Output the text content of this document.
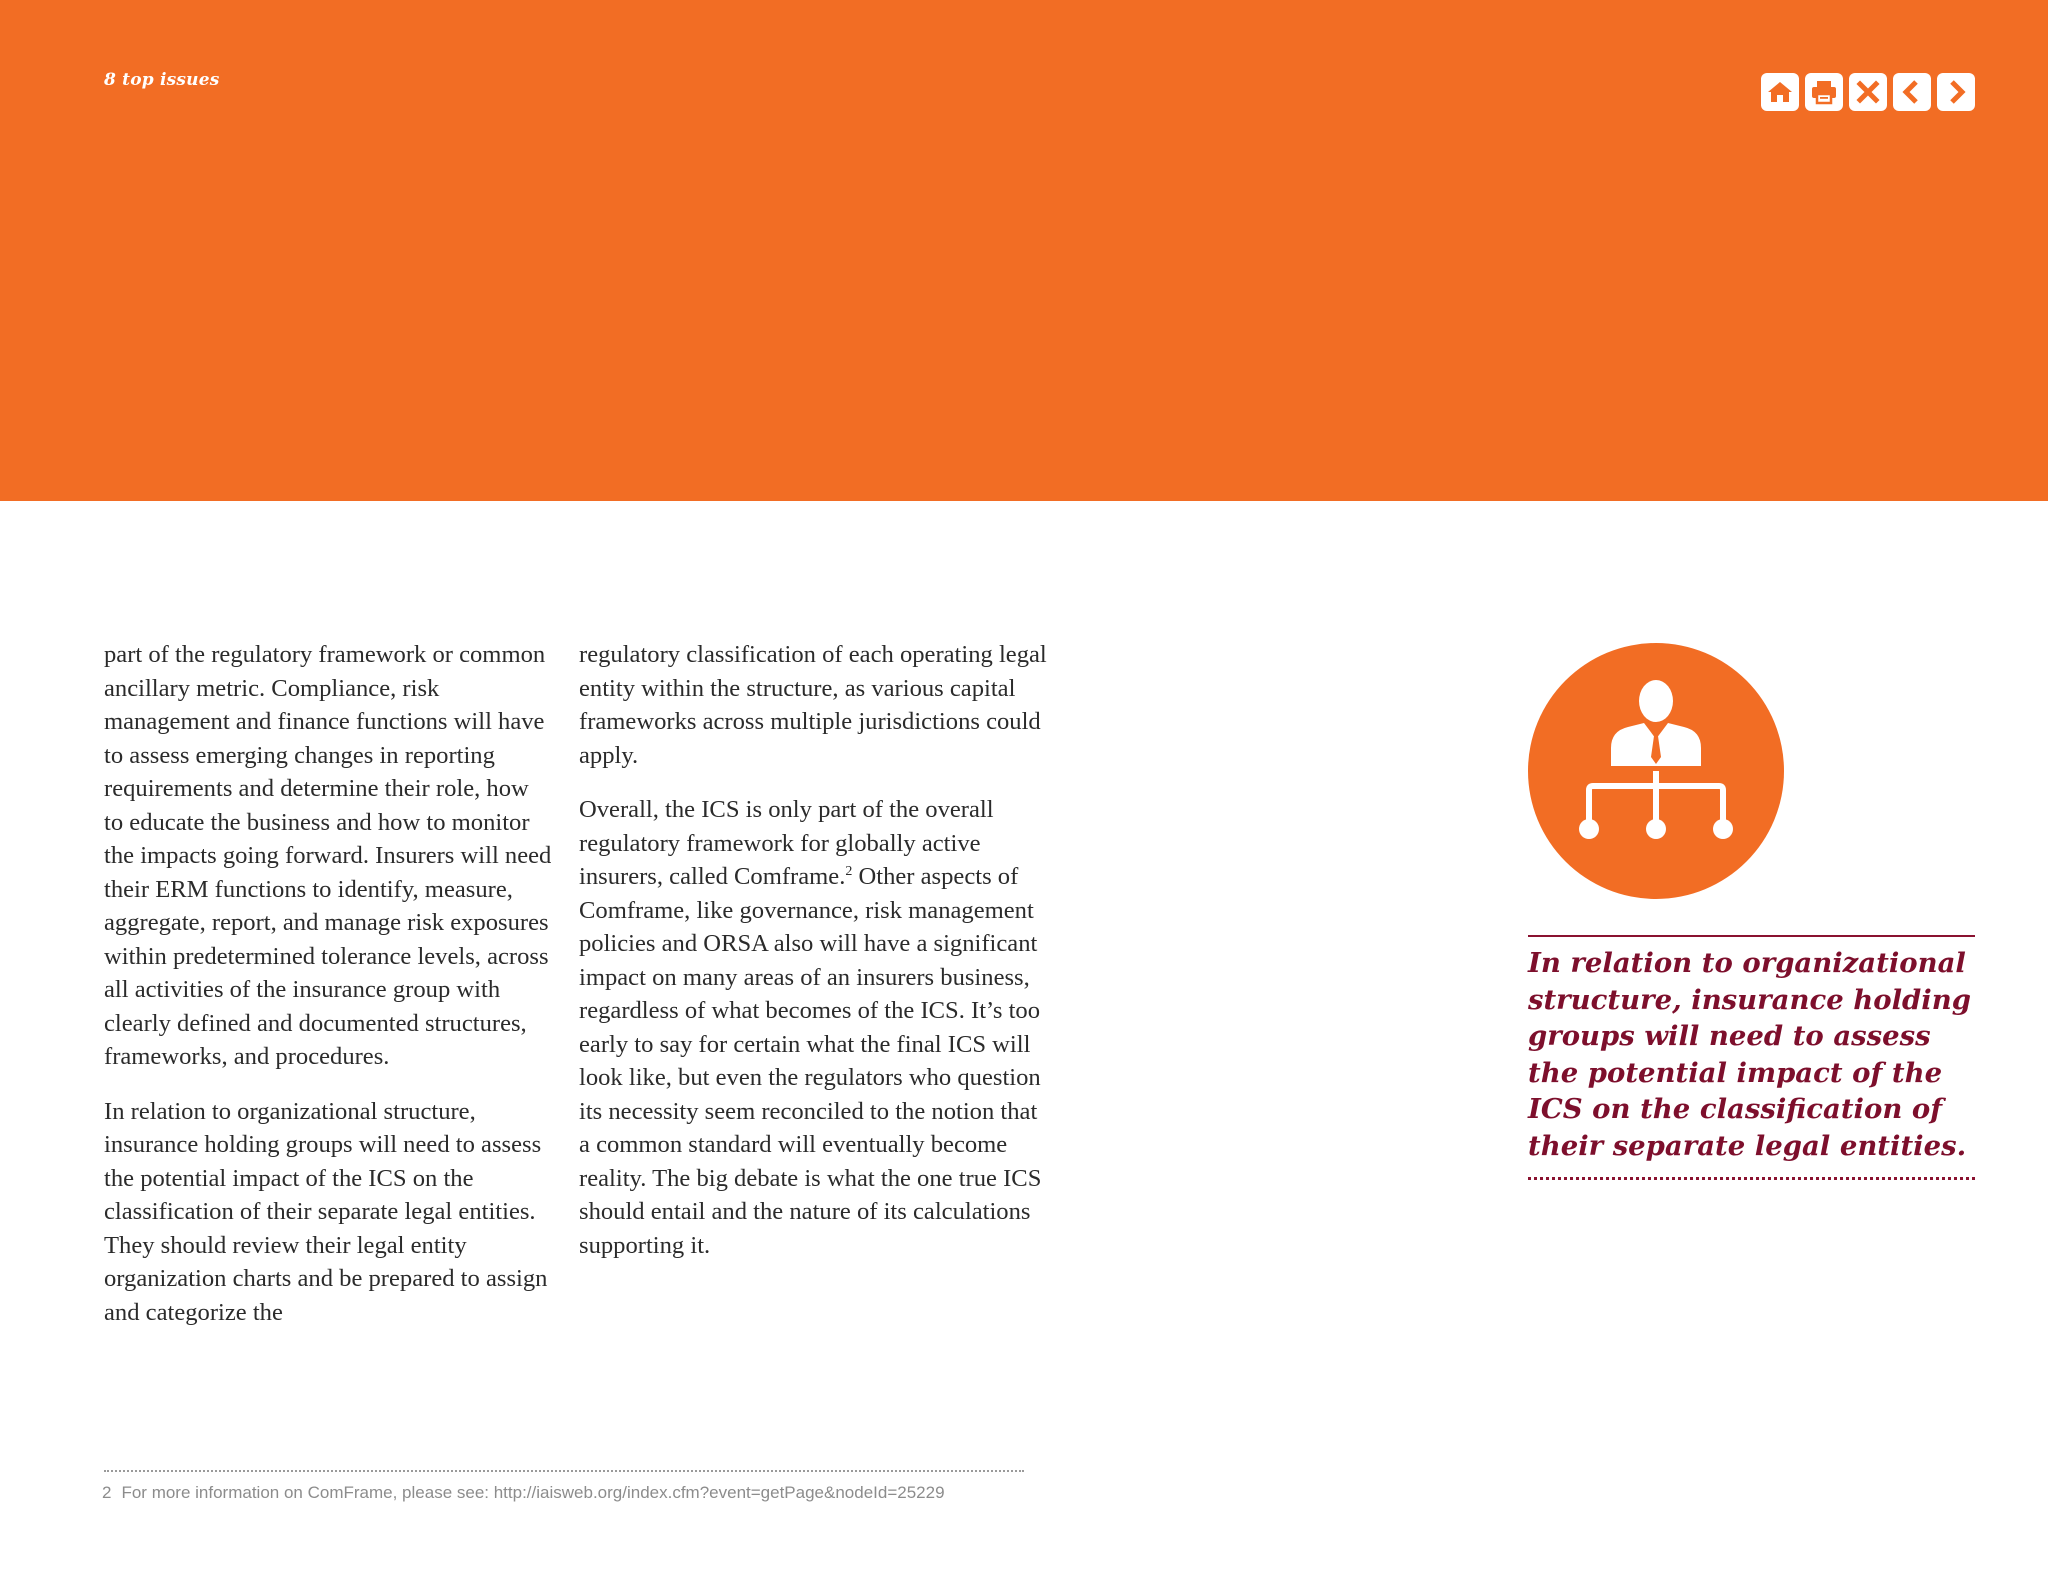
8 top issues

part of the regulatory framework or common ancillary metric. Compliance, risk management and finance functions will have to assess emerging changes in reporting requirements and determine their role, how to educate the business and how to monitor the impacts going forward. Insurers will need their ERM functions to identify, measure, aggregate, report, and manage risk exposures within predetermined tolerance levels, across all activities of the insurance group with clearly defined and documented structures, frameworks, and procedures.

In relation to organizational structure, insurance holding groups will need to assess the potential impact of the ICS on the classification of their separate legal entities. They should review their legal entity organization charts and be prepared to assign and categorize the

regulatory classification of each operating legal entity within the structure, as various capital frameworks across multiple jurisdictions could apply.

Overall, the ICS is only part of the overall regulatory framework for globally active insurers, called Comframe.$^2$ Other aspects of Comframe, like governance, risk management policies and ORSA also will have a significant impact on many areas of an insurers business, regardless of what becomes of the ICS. It’s too early to say for certain what the final ICS will look like, but even the regulators who question its necessity seem reconciled to the notion that a common standard will eventually become reality. The big debate is what the one true ICS should entail and the nature of its calculations supporting it.

In relation to organizational structure, insurance holding groups will need to assess the potential impact of the ICS on the classification of their separate legal entities.

2 For more information on ComFrame, please see: http://iaisweb.org/index.cfm?event=getPage&nodeId=25229
